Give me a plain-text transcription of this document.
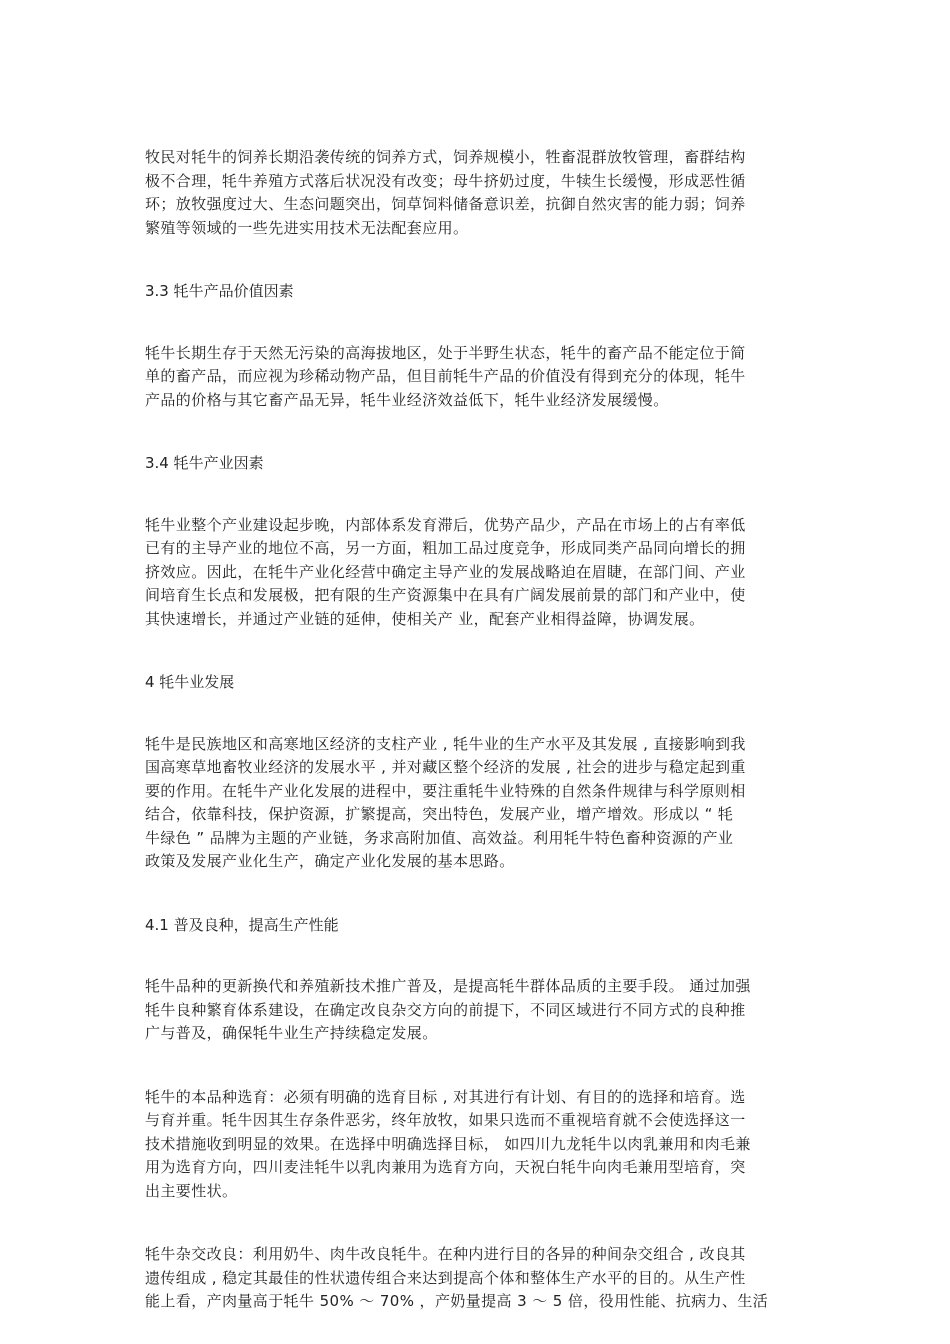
牧民对牦牛的饲养长期沿袭传统的饲养方式，饲养规模小，牲畜混群放牧管理，畜群结构
极不合理，牦牛养殖方式落后状况没有改变；母牛挤奶过度，牛犊生长缓慢，形成恶性循
环；放牧强度过大、生态问题突出，饲草饲料储备意识差，抗御自然灾害的能力弱；饲养
繁殖等领域的一些先进实用技术无法配套应用。
3.3 牦牛产品价值因素
牦牛长期生存于天然无污染的高海拔地区，处于半野生状态，牦牛的畜产品不能定位于简
单的畜产品，而应视为珍稀动物产品，但目前牦牛产品的价值没有得到充分的体现，牦牛
产品的价格与其它畜产品无异，牦牛业经济效益低下，牦牛业经济发展缓慢。
3.4 牦牛产业因素
牦牛业整个产业建设起步晚，内部体系发育滞后，优势产品少，产品在市场上的占有率低
已有的主导产业的地位不高，另一方面，粗加工品过度竞争，形成同类产品同向增长的拥
挤效应。因此，在牦牛产业化经营中确定主导产业的发展战略迫在眉睫，在部门间、产业
间培育生长点和发展极，把有限的生产资源集中在具有广阔发展前景的部门和产业中，使
其快速增长，并通过产业链的延伸，使相关产 业，配套产业相得益障，协调发展。
4 牦牛业发展
牦牛是民族地区和高寒地区经济的支柱产业 , 牦牛业的生产水平及其发展 , 直接影响到我
国高寒草地畜牧业经济的发展水平 , 并对藏区整个经济的发展 , 社会的进步与稳定起到重
要的作用。在牦牛产业化发展的进程中，要注重牦牛业特殊的自然条件规律与科学原则相
结合，依靠科技，保护资源，扩繁提高，突出特色，发展产业，增产增效。形成以 “ 牦
牛绿色 ” 品牌为主题的产业链，务求高附加值、高效益。利用牦牛特色畜种资源的产业
政策及发展产业化生产，确定产业化发展的基本思路。
4.1 普及良种，提高生产性能
牦牛品种的更新换代和养殖新技术推广普及，是提高牦牛群体品质的主要手段。 通过加强
牦牛良种繁育体系建设，在确定改良杂交方向的前提下，不同区域进行不同方式的良种推
广与普及，确保牦牛业生产持续稳定发展。
牦牛的本品种选育：必须有明确的选育目标 , 对其进行有计划、有目的的选择和培育。选
与育并重。牦牛因其生存条件恶劣，终年放牧，如果只选而不重视培育就不会使选择这一
技术措施收到明显的效果。在选择中明确选择目标， 如四川九龙牦牛以肉乳兼用和肉毛兼
用为选育方向，四川麦洼牦牛以乳肉兼用为选育方向，天祝白牦牛向肉毛兼用型培育，突
出主要性状。
牦牛杂交改良：利用奶牛、肉牛改良牦牛。在种内进行目的各异的种间杂交组合 , 改良其
遗传组成 , 稳定其最佳的性状遗传组合来达到提高个体和整体生产水平的目的。从生产性
能上看，产肉量高于牦牛 50% ～ 70% ，产奶量提高 3 ～ 5 倍，役用性能、抗病力、生活
